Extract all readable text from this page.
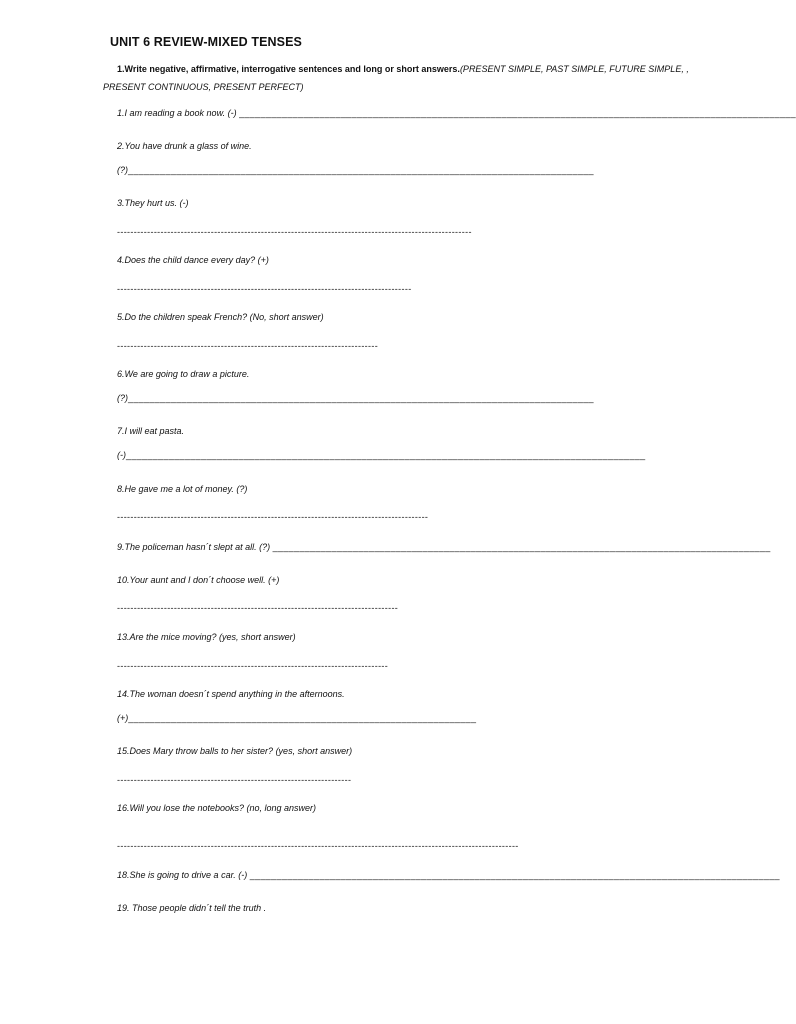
UNIT 6 REVIEW-MIXED TENSES
1.Write negative, affirmative, interrogative sentences and long or short answers.(PRESENT SIMPLE, PAST SIMPLE, FUTURE SIMPLE, , PRESENT CONTINUOUS, PRESENT PERFECT)
1.I am reading a book now. (-) ________________________________________________________________________________________________________
2.You have drunk a glass of wine.
(?)_______________________________________________________________________________________
3.They hurt us. (-)
----------------------------------------------------------------------------------------------------------
4.Does the child dance every day? (+)
----------------------------------------------------------------------------------------
5.Do the children speak French? (No, short answer)
------------------------------------------------------------------------------
6.We are going to draw a picture.
(?)_______________________________________________________________________________________
7.I will eat pasta.
(-)_________________________________________________________________________________________________
8.He gave me a lot of money. (?)
---------------------------------------------------------------------------------------------
9.The policeman hasn´t slept at all. (?) _____________________________________________________________________________________________
10.Your aunt and I don´t choose well. (+)
------------------------------------------------------------------------------------
13.Are the mice moving? (yes, short answer)
---------------------------------------------------------------------------------
14.The woman doesn´t spend anything in the afternoons.
(+)_________________________________________________________________
15.Does Mary throw balls to her sister? (yes, short answer)
----------------------------------------------------------------------
16.Will you lose the notebooks? (no, long answer)
------------------------------------------------------------------------------------------------------------------------
18.She is going to drive a car. (-) ___________________________________________________________________________________________________
19. Those people didn´t tell the truth .
